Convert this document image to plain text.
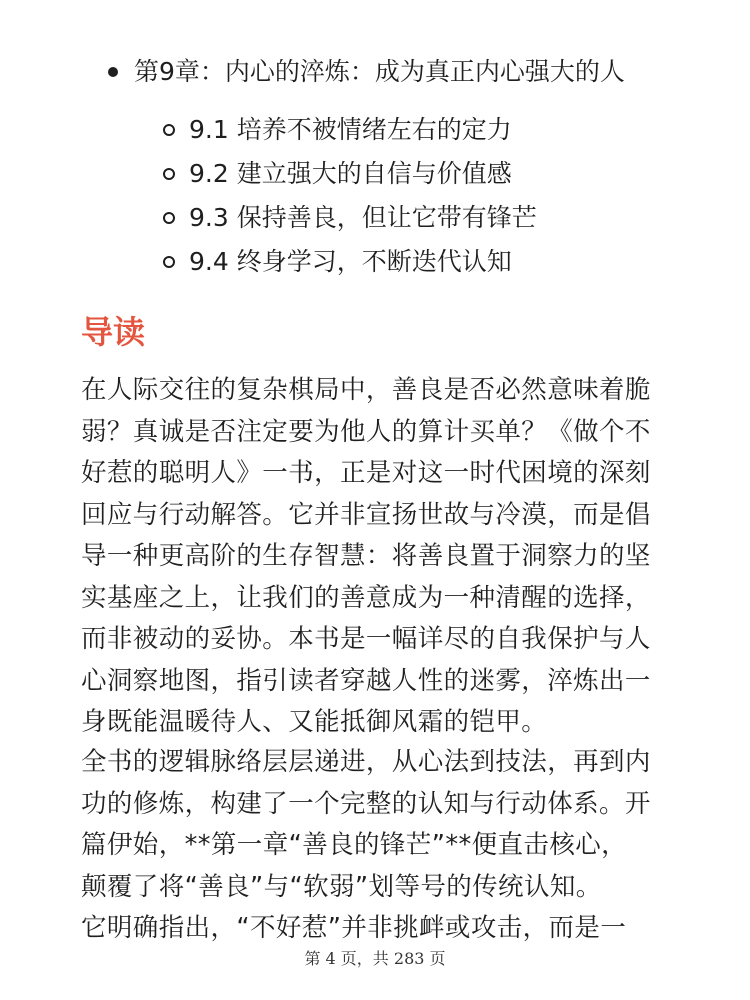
第9章：内心的淬炼：成为真正内心强大的人
9.1 培养不被情绪左右的定力
9.2 建立强大的自信与价值感
9.3 保持善良，但让它带有锋芒
9.4 终身学习，不断迭代认知
导读

在人际交往的复杂棋局中，善良是否必然意味着脆
弱？真诚是否注定要为他人的算计买单？《做个不
好惹的聪明人》一书，正是对这一时代困境的深刻
回应与行动解答。它并非宣扬世故与冷漠，而是倡
导一种更高阶的生存智慧：将善良置于洞察力的坚
实基座之上，让我们的善意成为一种清醒的选择，
而非被动的妥协。本书是一幅详尽的自我保护与人
心洞察地图，指引读者穿越人性的迷雾，淬炼出一
身既能温暖待人、又能抵御风霜的铠甲。

全书的逻辑脉络层层递进，从心法到技法，再到内
功的修炼，构建了一个完整的认知与行动体系。开
篇伊始，**第一章“善良的锋芒”**便直击核心，
颠覆了将“善良”与“软弱”划等号的传统认知。
它明确指出，“不好惹”并非挑衅或攻击，而是一

第 4 页，共 283 页
